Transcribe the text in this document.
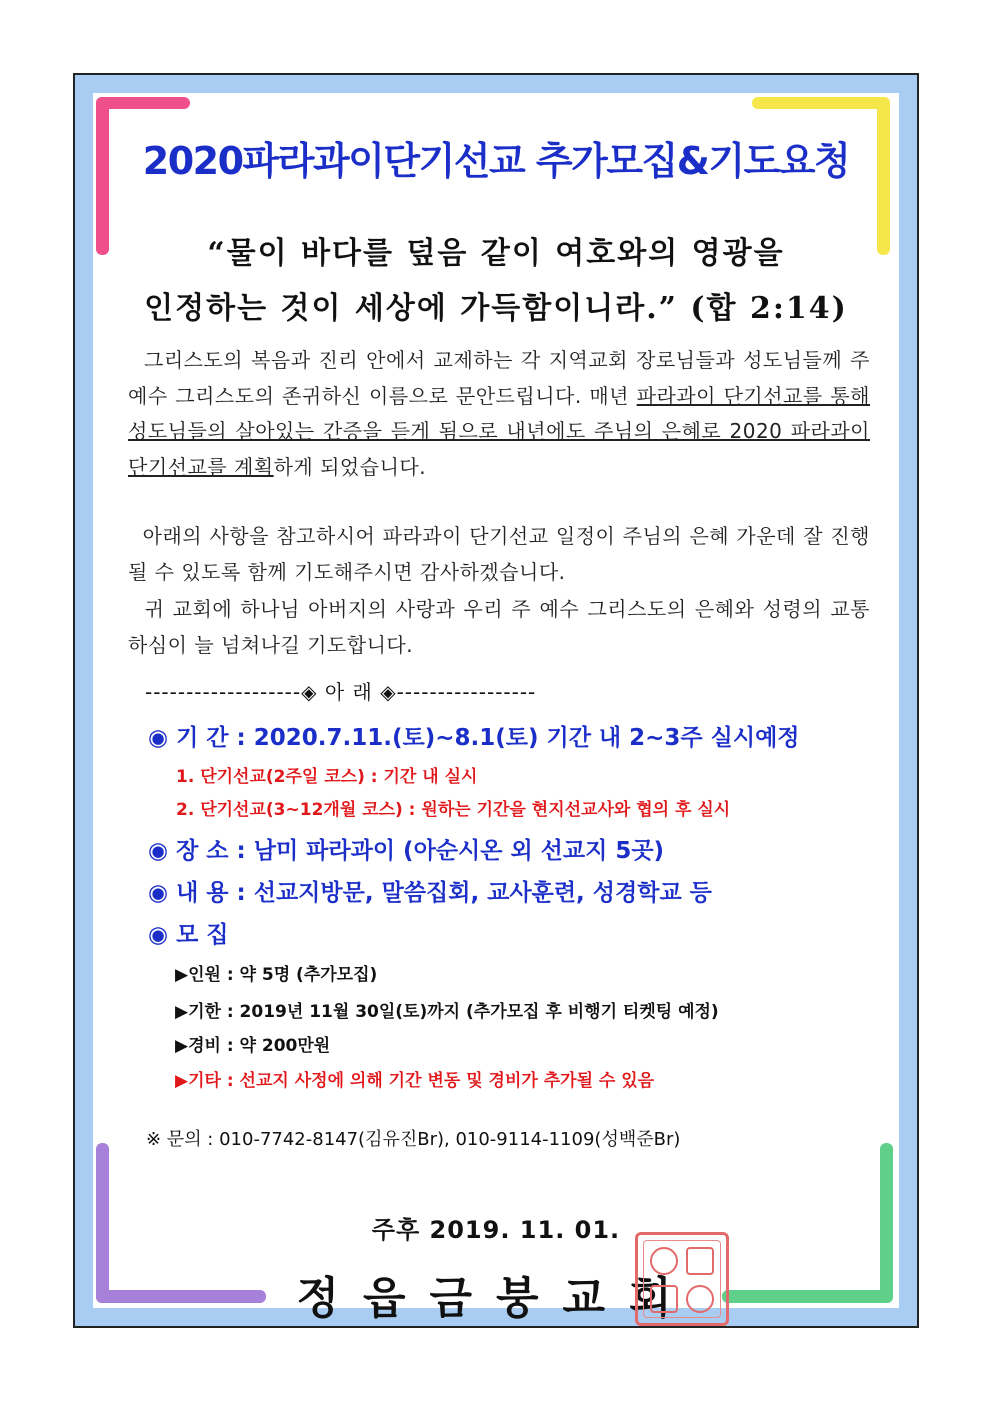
2020파라과이단기선교 추가모집&기도요청
“물이 바다를 덮음 같이 여호와의 영광을
인정하는 것이 세상에 가득함이니라.” (합 2:14)
그리스도의 복음과 진리 안에서 교제하는 각 지역교회 장로님들과 성도님들께 주 예수 그리스도의 존귀하신 이름으로 문안드립니다. 매년 파라과이 단기선교를 통해 성도님들의 살아있는 간증을 듣게 됨으로 내년에도 주님의 은혜로 2020 파라과이 단기선교를 계획하게 되었습니다.
아래의 사항을 참고하시어 파라과이 단기선교 일정이 주님의 은혜 가운데 잘 진행될 수 있도록 함께 기도해주시면 감사하겠습니다.
귀 교회에 하나님 아버지의 사랑과 우리 주 예수 그리스도의 은혜와 성령의 교통하심이 늘 넘쳐나길 기도합니다.
-------------------◈ 아 래 ◈-----------------
◉ 기 간 : 2020.7.11.(토)~8.1(토) 기간 내 2~3주 실시예정
1. 단기선교(2주일 코스) : 기간 내 실시
2. 단기선교(3~12개월 코스) : 원하는 기간을 현지선교사와 협의 후 실시
◉ 장 소 : 남미 파라과이 (아순시온 외 선교지 5곳)
◉ 내 용 : 선교지방문, 말씀집회, 교사훈련, 성경학교 등
◉ 모 집
▶인원 : 약 5명 (추가모집)
▶기한 : 2019년 11월 30일(토)까지 (추가모집 후 비행기 티켓팅 예정)
▶경비 : 약 200만원
▶기타 : 선교지 사정에 의해 기간 변동 및 경비가 추가될 수 있음
※ 문의 : 010-7742-8147(김유진Br), 010-9114-1109(성백준Br)
주후 2019. 11. 01.
정읍금붕교회
